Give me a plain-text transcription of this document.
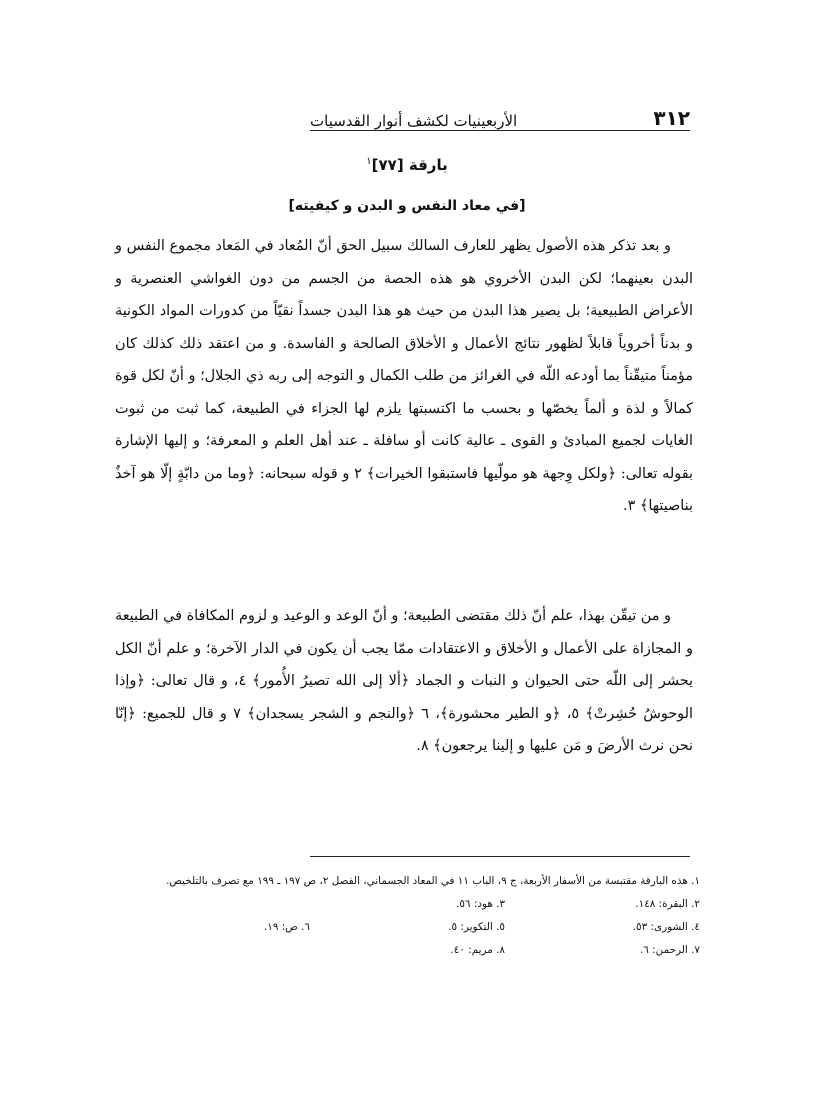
٣١٢
الأربعينيات لكشف أنوار القدسيات
بارقة [٧٧]$^١$
[في معاد النفس و البدن و كيفيته]

و بعد تذكر هذه الأصول يظهر للعارف السالك سبيل الحق أنّ المُعاد في المَعاد مجموع النفس و البدن بعينهما؛ لكن البدن الأخروي هو هذه الحصة من الجسم من دون الغواشي العنصرية و الأعراض الطبيعية؛ بل يصير هذا البدن من حيث هو هذا البدن جسداً نقيّاً من كدورات المواد الكونية و بدناً أخروياً قابلاً لظهور نتائج الأعمال و الأخلاق الصالحة و الفاسدة. و من اعتقد ذلك كذلك كان مؤمناً متيقّناً بما أودعه اللّه في الغرائز من طلب الكمال و التوجه إلى ربه ذي الجلال؛ و أنّ لكل قوة كمالاً و لذة و ألماً يخصّها و بحسب ما اكتسبتها يلزم لها الجزاء في الطبيعة، كما ثبت من ثبوت الغايات لجميع المبادئ و القوى ـ عالية كانت أو سافلة ـ عند أهل العلم و المعرفة؛ و إليها الإشارة بقوله تعالى: ﴿ولكل وِجهة هو مولّيها فاستبقوا الخيرات﴾ ٢ و قوله سبحانه: ﴿وما من دابّةٍ إلّا هو آخذٌ بناصيتها﴾ ٣.

و من تيقّن بهذا، علم أنّ ذلك مقتضى الطبيعة؛ و أنّ الوعد و الوعيد و لزوم المكافاة في الطبيعة و المجازاة على الأعمال و الأخلاق و الاعتقادات ممّا يجب أن يكون في الدار الآخرة؛ و علم أنّ الكل يحشر إلى اللّه حتى الحيوان و النبات و الجماد ﴿ألا إلى الله تصيرُ الأُمور﴾ ٤، و قال تعالى: ﴿وإذا الوحوشُ حُشِرتْ﴾ ٥، ﴿و الطير محشورة﴾، ٦ ﴿والنجم و الشجر يسجدان﴾ ٧ و قال للجميع: ﴿إنّا نحن نرث الأرضَ و مَن عليها و إلينا يرجعون﴾ ٨.

١. هذه البارقة مقتبسة من الأسفار الأربعة، ج ٩، الباب ١١ في المعاد الجسماني، الفصل ٢، ص ١٩٧ ـ ١٩٩ مع تصرف بالتلخيص.

٢. البقرة: ١٤٨.
٣. هود: ٥٦.
٤. الشورى: ٥٣.
٥. التكوير: ٥.
٦. ص: ١٩.
٧. الرحمن: ٦.
٨. مريم: ٤٠.
